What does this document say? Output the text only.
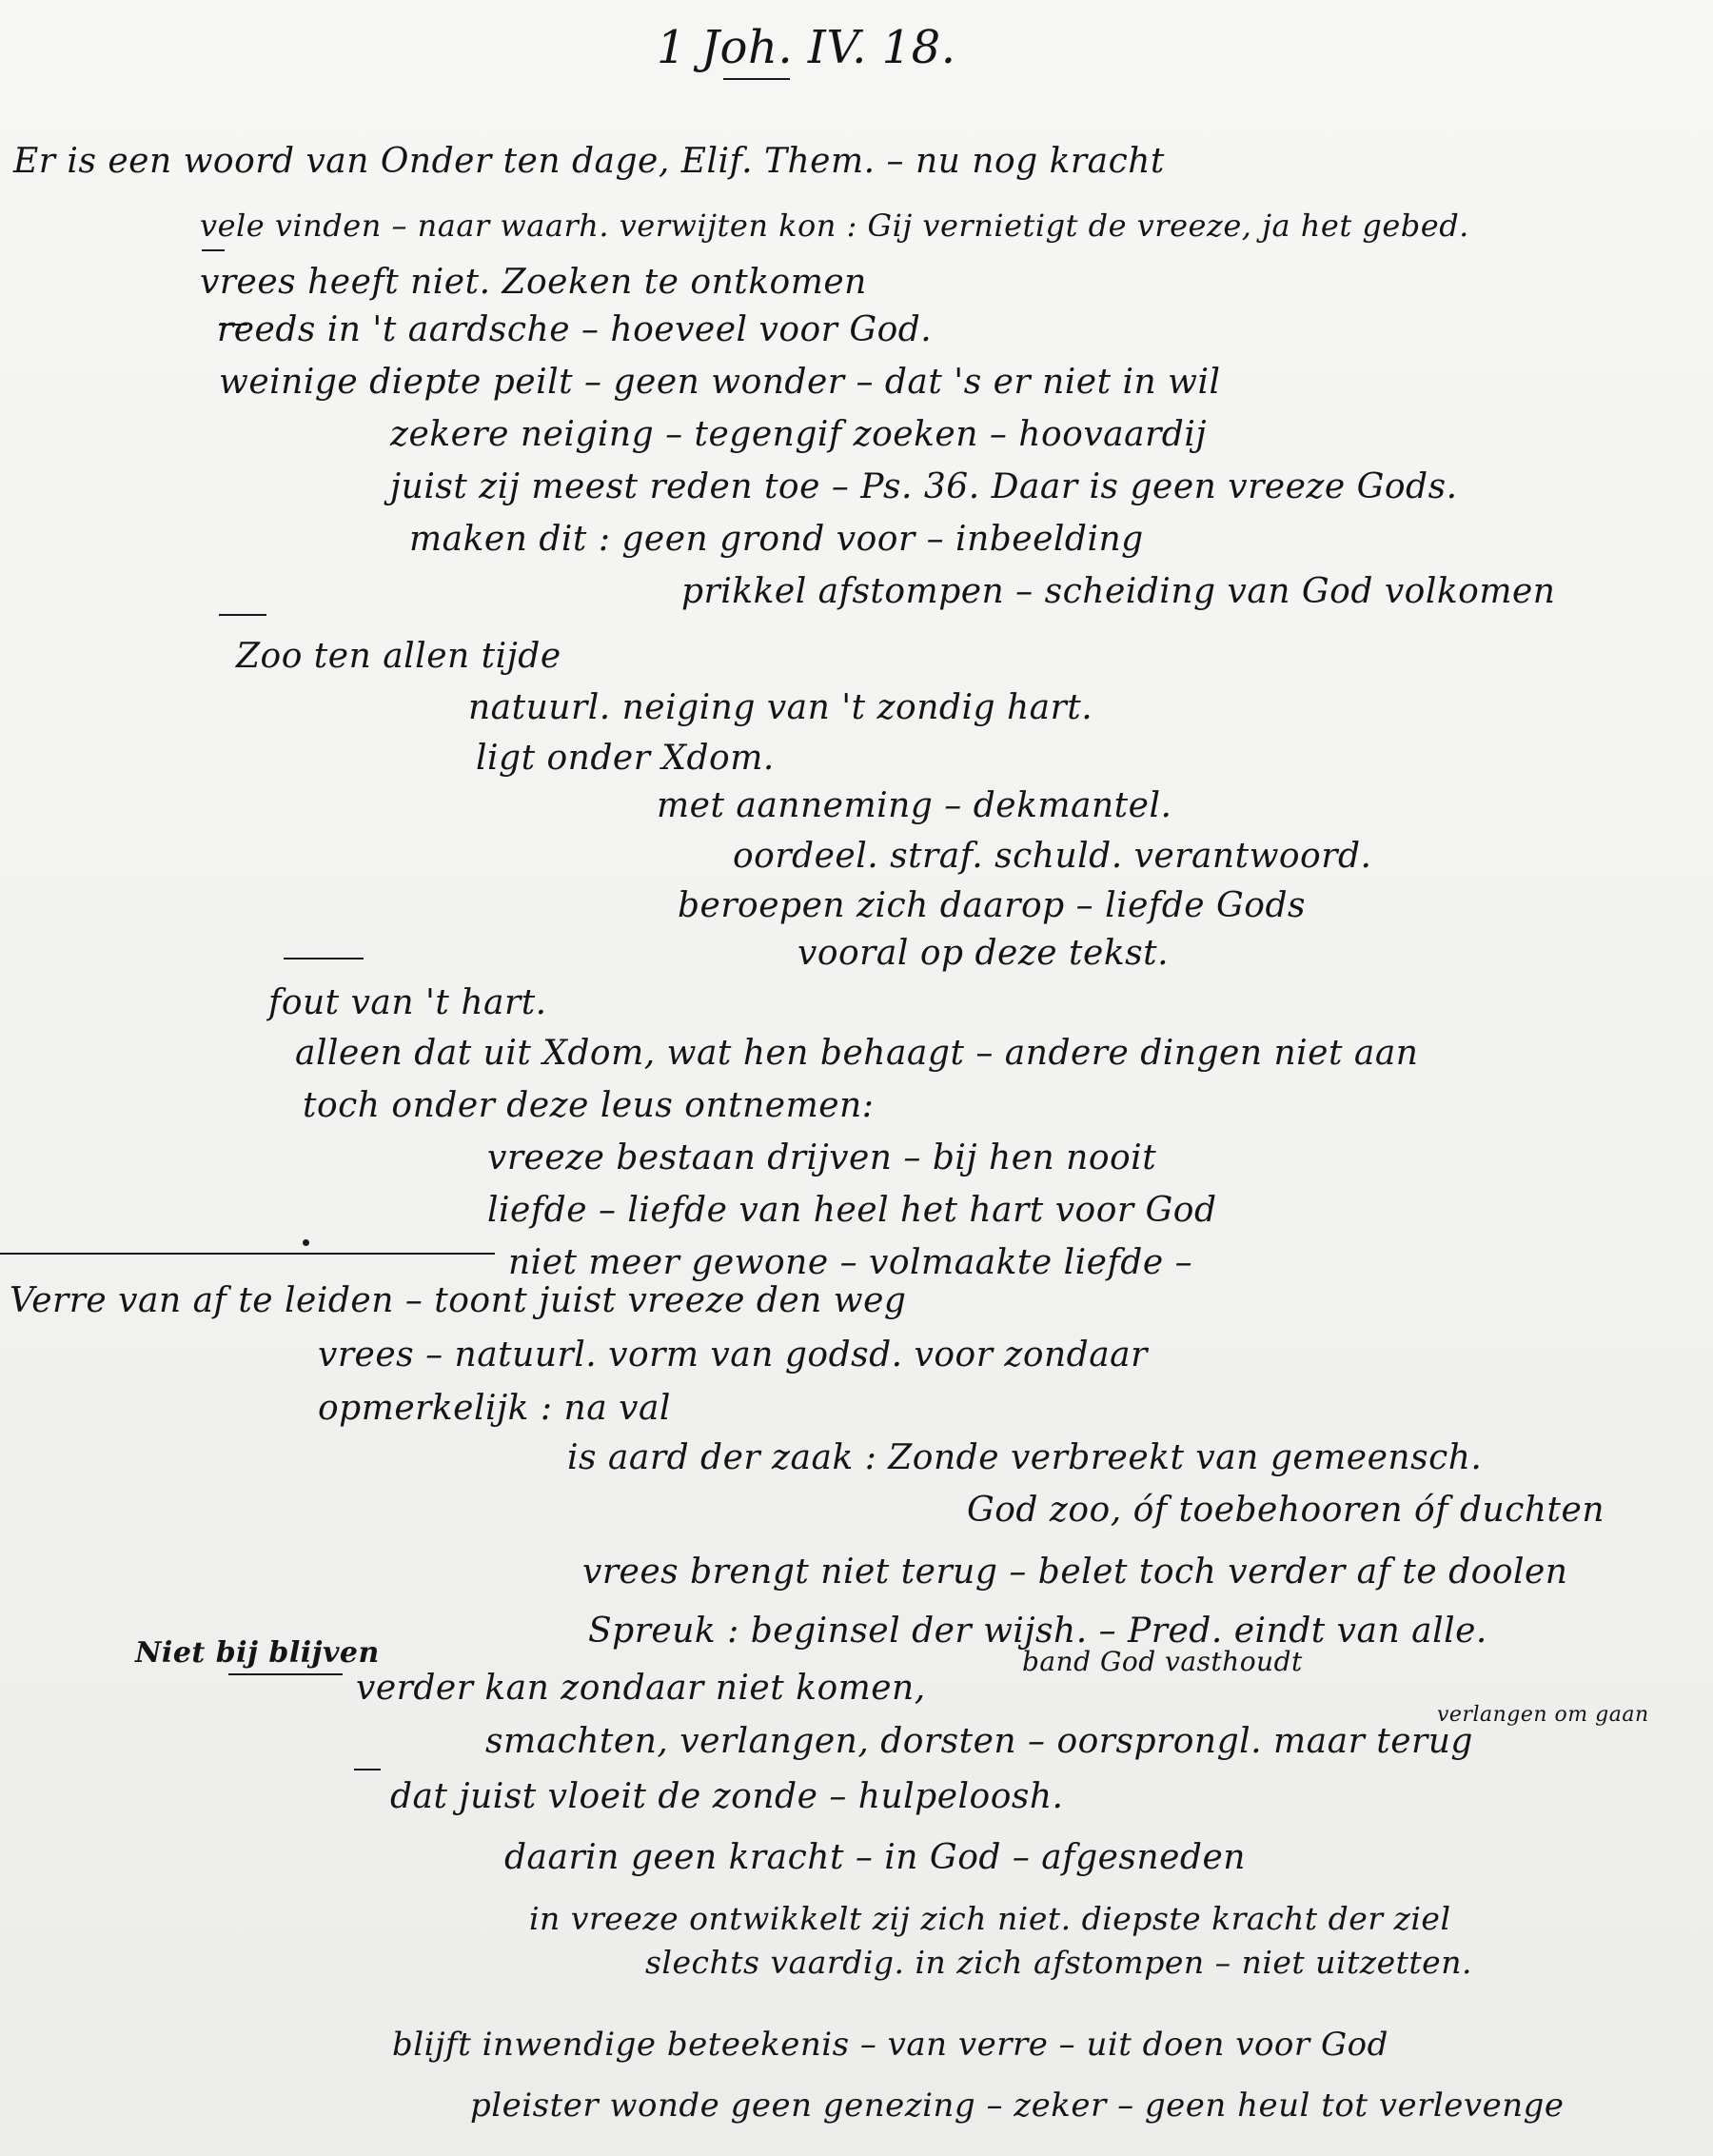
1 Joh. IV. 18.
Er is een woord van Onder ten dage, Elif. Them. – nu nog kracht
vele vinden – naar waarh. verwijten kon : Gij vernietigt de vreeze, ja het gebed.
vrees heeft niet. Zoeken te ontkomen
reeds in 't aardsche – hoeveel voor God.
weinige diepte peilt – geen wonder – dat 's er niet in wil
zekere neiging – tegengif zoeken – hoovaardij
juist zij meest reden toe – Ps. 36. Daar is geen vreeze Gods.
maken dit : geen grond voor – inbeelding
prikkel afstompen – scheiding van God volkomen
Zoo ten allen tijde
natuurl. neiging van 't zondig hart.
ligt onder Xdom.
met aanneming – dekmantel.
oordeel. straf. schuld. verantwoord.
beroepen zich daarop – liefde Gods
vooral op deze tekst.
fout van 't hart.
alleen dat uit Xdom, wat hen behaagt – andere dingen niet aan
toch onder deze leus ontnemen:
vreeze bestaan drijven – bij hen nooit
liefde – liefde van heel het hart voor God
niet meer gewone – volmaakte liefde –
Verre van af te leiden – toont juist vreeze den weg
vrees – natuurl. vorm van godsd. voor zondaar
opmerkelijk : na val
is aard der zaak : Zonde verbreekt van gemeensch.
God zoo, óf toebehooren óf duchten
vrees brengt niet terug – belet toch verder af te doolen
Spreuk : beginsel der wijsh. – Pred. eindt van alle.
Niet bij blijven	band God vasthoudt
verder kan zondaar niet komen,
verlangen om gaan
smachten, verlangen, dorsten – oorsprongl. maar terug
dat juist vloeit de zonde – hulpeloosh.
daarin geen kracht – in God – afgesneden
in vreeze ontwikkelt zij zich niet. diepste kracht der ziel
slechts vaardig. in zich afstompen – niet uitzetten.
blijft inwendige beteekenis – van verre – uit doen voor God
pleister wonde geen genezing – zeker – geen heul tot verlevenge
